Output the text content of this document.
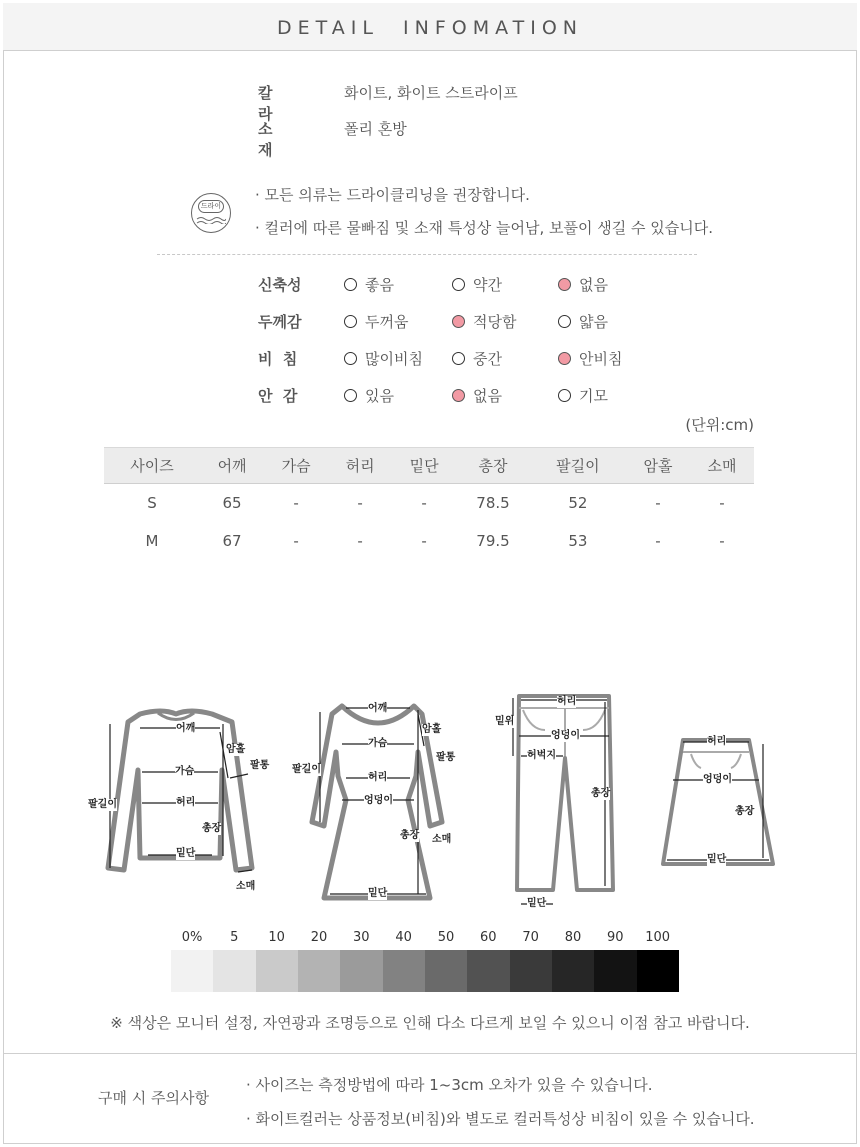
DETAIL  INFOMATION
칼 라
화이트, 화이트 스트라이프
소 재
폴리 혼방
드라이
· 모든 의류는 드라이클리닝을 권장합니다.
· 컬러에 따른 물빠짐 및 소재 특성상 늘어남, 보풀이 생길 수 있습니다.
신축성	좋음	약간	없음
두께감	두꺼움	적당함	얇음
비  침	많이비침	중간	안비침
안  감	있음	없음	기모
(단위:cm)
사이즈	어깨	가슴	허리	밑단	총장	팔길이	암홀	소매
S	65	-	-	-	78.5	52	-	-
M	67	-	-	-	79.5	53	-	-
어깨
암홀
가슴
팔통
허리
팔길이
총장
밑단
소매
어깨
암홀
가슴
팔통
팔길이
허리
엉덩이
총장 소매
밑단
허리
밑위
엉덩이
허벅지
총장
밑단
허리
엉덩이
총장
밑단
0%	5	10	20	30	40	50	60	70	80	90	100
※ 색상은 모니터 설정, 자연광과 조명등으로 인해 다소 다르게 보일 수 있으니 이점 참고 바랍니다.
구매 시 주의사항
· 사이즈는 측정방법에 따라 1~3cm 오차가 있을 수 있습니다.
· 화이트컬러는 상품정보(비침)와 별도로 컬러특성상 비침이 있을 수 있습니다.
